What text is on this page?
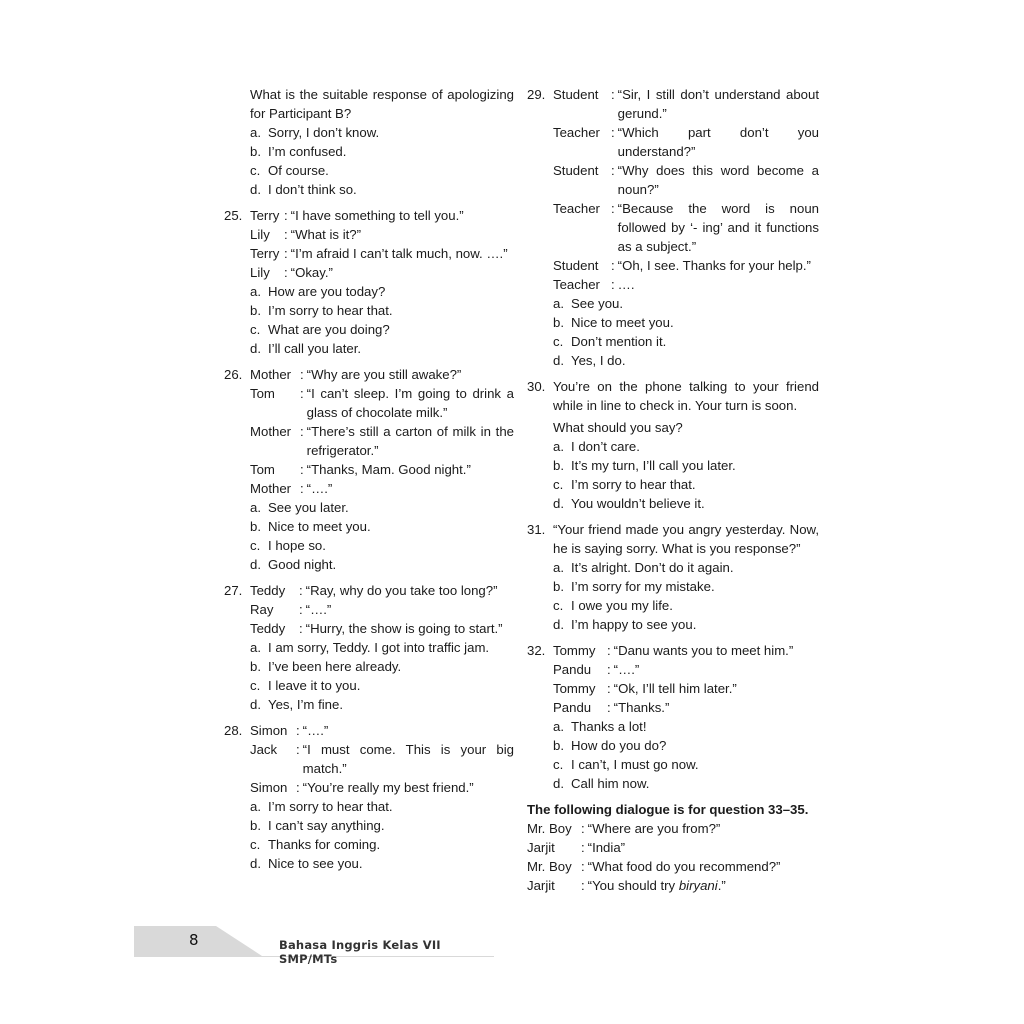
What is the suitable response of apologizing for Participant B?
a. Sorry, I don’t know.
b. I’m confused.
c. Of course.
d. I don’t think so.
25. Terry : “I have something to tell you.”
Lily	: “What is it?”
Terry : “I’m afraid I can’t talk much, now. ….”
Lily	: “Okay.”
a. How are you today?
b. I’m sorry to hear that.
c. What are you doing?
d. I’ll call you later.
26. Mother : “Why are you still awake?”
Tom	: “I can’t sleep. I’m going to drink a glass of chocolate milk.”
Mother : “There’s still a carton of milk in the refrigerator.”
Tom	: “Thanks, Mam. Good night.”
Mother : “….”
a. See you later.
b. Nice to meet you.
c. I hope so.
d. Good night.
27. Teddy	: “Ray, why do you take too long?”
Ray	: “….”
Teddy	: “Hurry, the show is going to start.”
a. I am sorry, Teddy. I got into traffic jam.
b. I’ve been here already.
c. I leave it to you.
d. Yes, I’m fine.
28. Simon : “….”
Jack	: “I must come. This is your big match.”
Simon : “You’re really my best friend.”
a. I’m sorry to hear that.
b. I can’t say anything.
c. Thanks for coming.
d. Nice to see you.
29. Student : “Sir, I still don’t understand about gerund.”
Teacher : “Which part don’t you understand?”
Student : “Why does this word become a noun?”
Teacher : “Because the word is noun followed by ‘- ing’ and it functions as a subject.”
Student : “Oh, I see. Thanks for your help.”
Teacher : ….
a. See you.
b. Nice to meet you.
c. Don’t mention it.
d. Yes, I do.
30. You’re on the phone talking to your friend while in line to check in. Your turn is soon.
What should you say?
a. I don’t care.
b. It’s my turn, I’ll call you later.
c. I’m sorry to hear that.
d. You wouldn’t believe it.
31. “Your friend made you angry yesterday. Now, he is saying sorry. What is you response?”
a. It’s alright. Don’t do it again.
b. I’m sorry for my mistake.
c. I owe you my life.
d. I’m happy to see you.
32. Tommy : “Danu wants you to meet him.”
Pandu	: “….”
Tommy : “Ok, I’ll tell him later.”
Pandu	: “Thanks.”
a. Thanks a lot!
b. How do you do?
c. I can’t, I must go now.
d. Call him now.
The following dialogue is for question 33–35.
Mr. Boy : “Where are you from?”
Jarjit	: “India”
Mr. Boy : “What food do you recommend?”
Jarjit	: “You should try biryani.”
8	Bahasa Inggris Kelas VII SMP/MTs
